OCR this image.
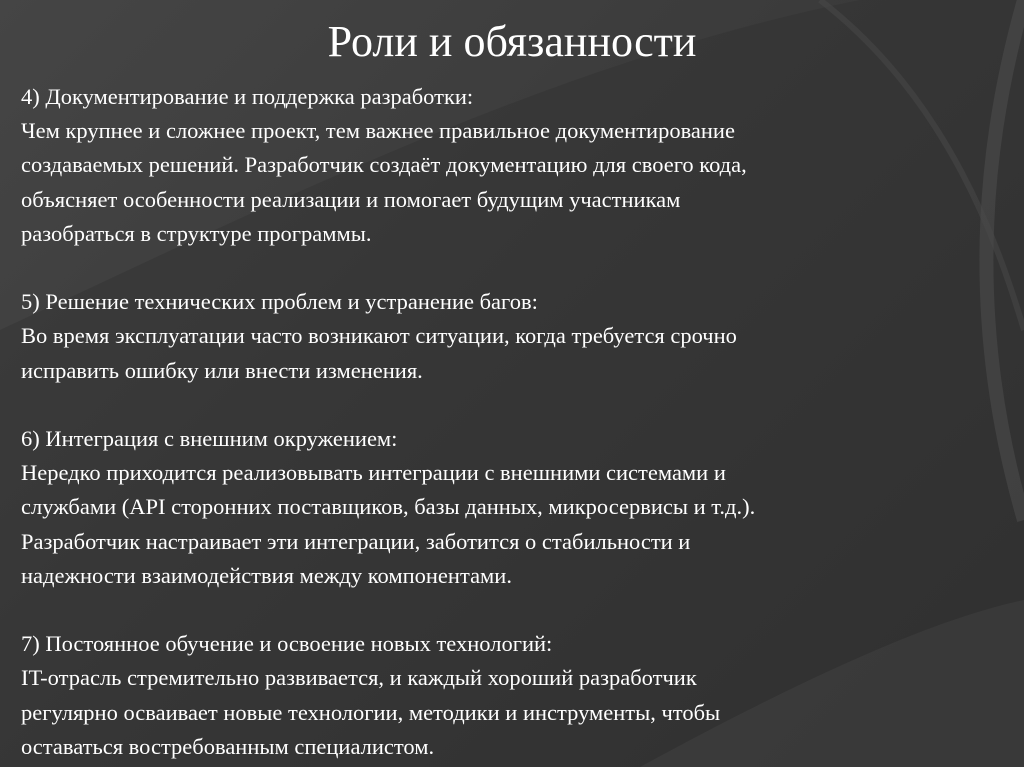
Роли и обязанности

4) Документирование и поддержка разработки:

Чем крупнее и сложнее проект, тем важнее правильное документирование

создаваемых решений. Разработчик создаёт документацию для своего кода,

объясняет особенности реализации и помогает будущим участникам

разобраться в структуре программы.

5) Решение технических проблем и устранение багов:

Во время эксплуатации часто возникают ситуации, когда требуется срочно

исправить ошибку или внести изменения.

6) Интеграция с внешним окружением:

Нередко приходится реализовывать интеграции с внешними системами и

службами (API сторонних поставщиков, базы данных, микросервисы и т.д.).

Разработчик настраивает эти интеграции, заботится о стабильности и

надежности взаимодействия между компонентами.

7) Постоянное обучение и освоение новых технологий:

IT-отрасль стремительно развивается, и каждый хороший разработчик

регулярно осваивает новые технологии, методики и инструменты, чтобы

оставаться востребованным специалистом.
